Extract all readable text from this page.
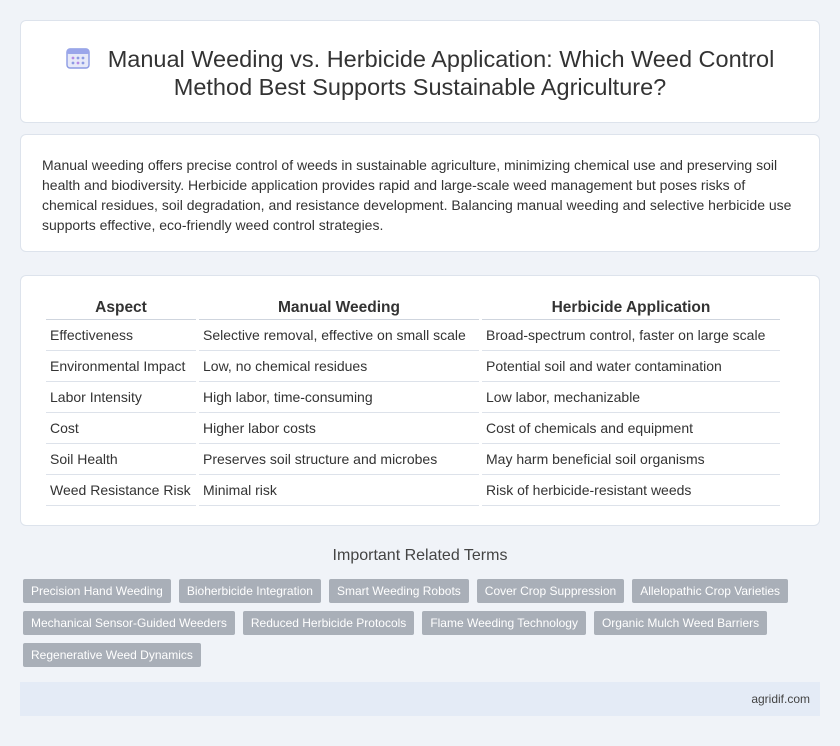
Manual Weeding vs. Herbicide Application: Which Weed Control
Method Best Supports Sustainable Agriculture?

Manual weeding offers precise control of weeds in sustainable agriculture, minimizing chemical use and preserving soil health and biodiversity. Herbicide application provides rapid and large-scale weed management but poses risks of chemical residues, soil degradation, and resistance development. Balancing manual weeding and selective herbicide use supports effective, eco-friendly weed control strategies.

Aspect	Manual Weeding	Herbicide Application
Effectiveness	Selective removal, effective on small scale	Broad-spectrum control, faster on large scale
Environmental Impact	Low, no chemical residues	Potential soil and water contamination
Labor Intensity	High labor, time-consuming	Low labor, mechanizable
Cost	Higher labor costs	Cost of chemicals and equipment
Soil Health	Preserves soil structure and microbes	May harm beneficial soil organisms
Weed Resistance Risk	Minimal risk	Risk of herbicide-resistant weeds
Important Related Terms
Precision Hand Weeding	Bioherbicide Integration	Smart Weeding Robots	Cover Crop Suppression	Allelopathic Crop Varieties
Mechanical Sensor-Guided Weeders	Reduced Herbicide Protocols	Flame Weeding Technology	Organic Mulch Weed Barriers
Regenerative Weed Dynamics
agridif.com
